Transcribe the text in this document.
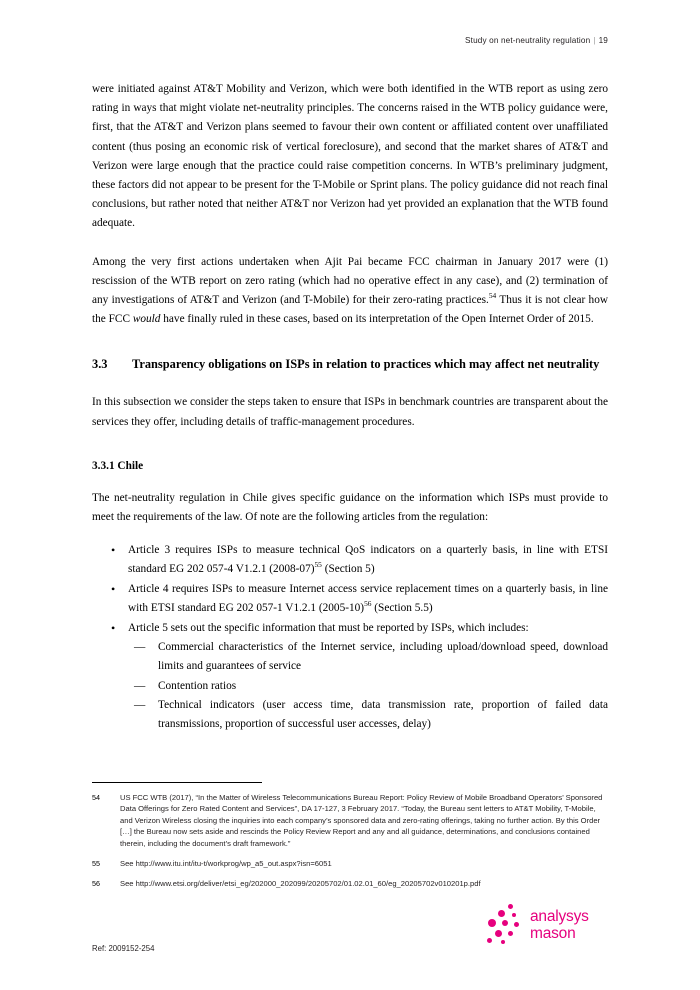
Study on net-neutrality regulation | 19

were initiated against AT&T Mobility and Verizon, which were both identified in the WTB report as using zero rating in ways that might violate net-neutrality principles. The concerns raised in the WTB policy guidance were, first, that the AT&T and Verizon plans seemed to favour their own content or affiliated content over unaffiliated content (thus posing an economic risk of vertical foreclosure), and second that the market shares of AT&T and Verizon were large enough that the practice could raise competition concerns. In WTB’s preliminary judgment, these factors did not appear to be present for the T-Mobile or Sprint plans. The policy guidance did not reach final conclusions, but rather noted that neither AT&T nor Verizon had yet provided an explanation that the WTB found adequate.

Among the very first actions undertaken when Ajit Pai became FCC chairman in January 2017 were (1) rescission of the WTB report on zero rating (which had no operative effect in any case), and (2) termination of any investigations of AT&T and Verizon (and T-Mobile) for their zero-rating practices.$^{54}$ Thus it is not clear how the FCC would have finally ruled in these cases, based on its interpretation of the Open Internet Order of 2015.

3.3	Transparency obligations on ISPs in relation to practices which may affect net neutrality

In this subsection we consider the steps taken to ensure that ISPs in benchmark countries are transparent about the services they offer, including details of traffic-management procedures.

3.3.1 Chile

The net-neutrality regulation in Chile gives specific guidance on the information which ISPs must provide to meet the requirements of the law. Of note are the following articles from the regulation:

• Article 3 requires ISPs to measure technical QoS indicators on a quarterly basis, in line with ETSI standard EG 202 057-4 V1.2.1 (2008-07)$^{55}$ (Section 5)
• Article 4 requires ISPs to measure Internet access service replacement times on a quarterly basis, in line with ETSI standard EG 202 057-1 V1.2.1 (2005-10)$^{56}$ (Section 5.5)
• Article 5 sets out the specific information that must be reported by ISPs, which includes:
— Commercial characteristics of the Internet service, including upload/download speed, download limits and guarantees of service
— Contention ratios
— Technical indicators (user access time, data transmission rate, proportion of failed data transmissions, proportion of successful user accesses, delay)
54	US FCC WTB (2017), “In the Matter of Wireless Telecommunications Bureau Report: Policy Review of Mobile Broadband Operators’ Sponsored Data Offerings for Zero Rated Content and Services”, DA 17-127, 3 February 2017. “Today, the Bureau sent letters to AT&T Mobility, T-Mobile, and Verizon Wireless closing the inquiries into each company’s sponsored data and zero-rating offerings, taking no further action. By this Order […] the Bureau now sets aside and rescinds the Policy Review Report and any and all guidance, determinations, and conclusions contained therein, including the document’s draft framework.”
55	See http://www.itu.int/itu-t/workprog/wp_a5_out.aspx?isn=6051
56	See http://www.etsi.org/deliver/etsi_eg/202000_202099/20205702/01.02.01_60/eg_20205702v010201p.pdf
Ref: 2009152-254
analysys
mason
